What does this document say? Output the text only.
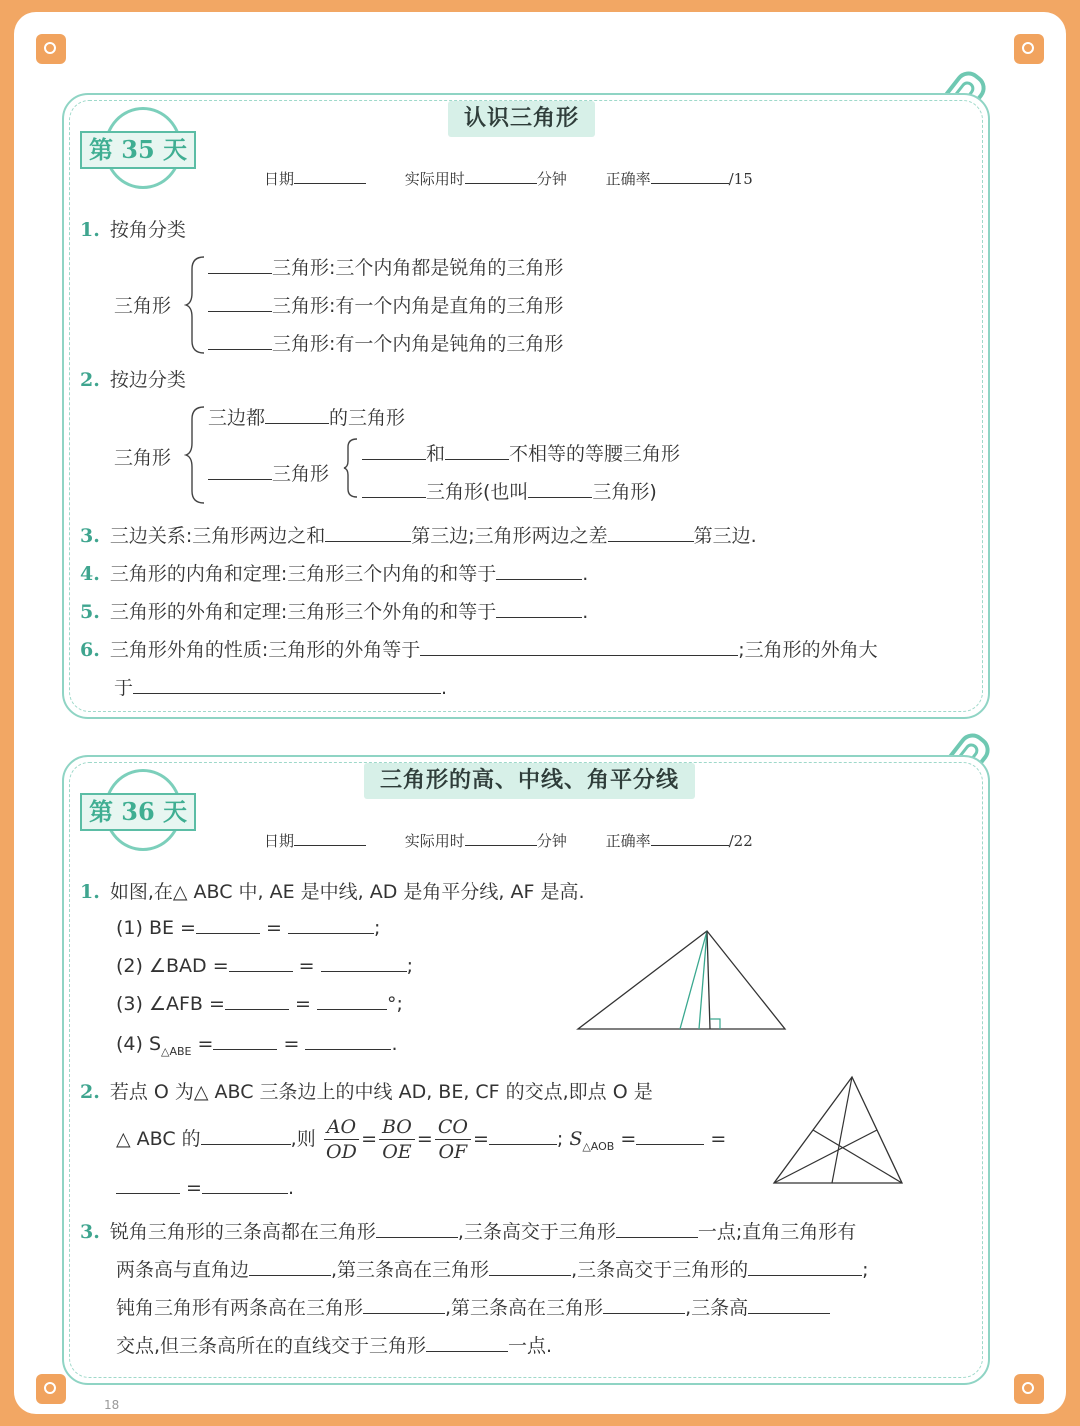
18
认识三角形
第 35 天
日期	实际用时	分钟	正确率	/15
1. 按角分类
三角形
三角形:三个内角都是锐角的三角形
三角形:有一个内角是直角的三角形
三角形:有一个内角是钝角的三角形
2. 按边分类
三角形
三边都	的三角形
三角形
和	不相等的等腰三角形
三角形(也叫	三角形)
3. 三边关系:三角形两边之和	第三边;三角形两边之差	第三边.
4. 三角形的内角和定理:三角形三个内角的和等于	.
5. 三角形的外角和定理:三角形三个外角的和等于	.
6. 三角形外角的性质:三角形的外角等于	;三角形的外角大
于	.
三角形的高、中线、角平分线
第 36 天
日期	实际用时	分钟	正确率	/22
1. 如图,在△ ABC 中, AE 是中线, AD 是角平分线, AF 是高.
(1) BE =	=	;
(2) ∠BAD =	=	;
(3) ∠AFB =	=	°;
(4) $S_{\triangle ABE}$ =	=	.
2. 若点 O 为△ ABC 三条边上的中线 AD, BE, CF 的交点,即点 O 是
△ ABC 的	,则 $\frac{AO}{OD} = \frac{BO}{OE} = \frac{CO}{OF}$ =	; $S_{\triangle AOB}$ =	=
=	.
3. 锐角三角形的三条高都在三角形	,三条高交于三角形	一点;直角三角形有
两条高与直角边	,第三条高在三角形	,三条高交于三角形的	;
钝角三角形有两条高在三角形	,第三条高在三角形	,三条高
交点,但三条高所在的直线交于三角形	一点.
